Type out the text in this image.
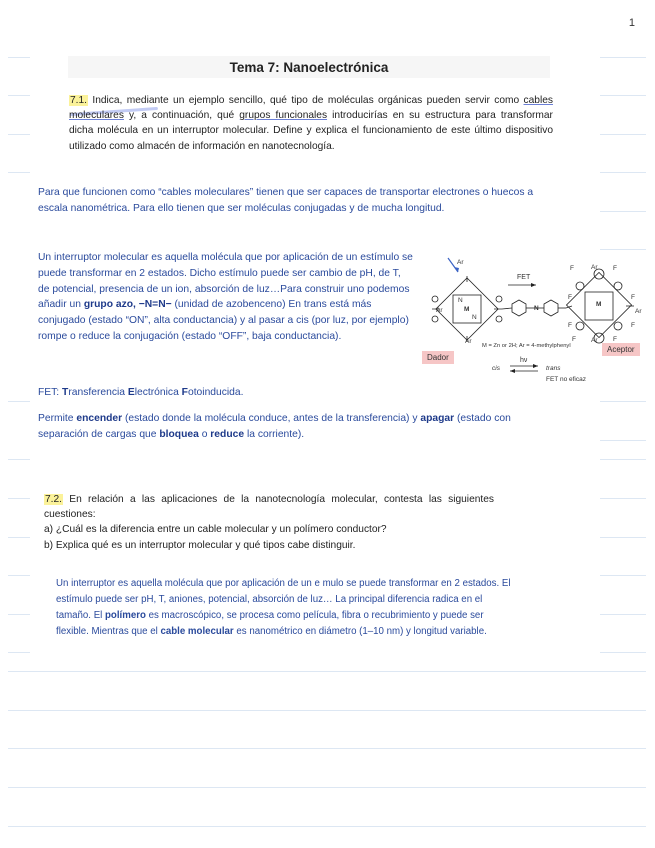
1
Tema 7: Nanoelectrónica
7.1. Indica, mediante un ejemplo sencillo, qué tipo de moléculas orgánicas pueden servir como cables moleculares y, a continuación, qué grupos funcionales introducirías en su estructura para transformar dicha molécula en un interruptor molecular. Define y explica el funcionamiento de este último dispositivo utilizado como almacén de información en nanotecnología.
Para que funcionen como “cables moleculares” tienen que ser capaces de transportar electrones o huecos a escala nanométrica. Para ello tienen que ser moléculas conjugadas y de mucha longitud.
Un interruptor molecular es aquella molécula que por aplicación de un estímulo se puede transformar en 2 estados. Dicho estímulo puede ser cambio de pH, de T, de potencial, presencia de un ion, absorción de luz…Para construir uno podemos añadir un grupo azo, −N=N− (unidad de azobenceno) En trans está más conjugado (estado “ON”, alta conductancia) y al pasar a cis (por luz, por ejemplo) rompe o reduce la conjugación (estado “OFF”, baja conductancia).
Ar
Ar
Ar
M
N
N
N
FET
F	Ar F
F	F
M
Ar
F	F
F Ar F
M = Zn or 2H; Ar = 4-methylphenyl
Dador
Aceptor
hν
cis	trans
FET no eficaz
FET: Transferencia Electrónica Fotoinducida.
Permite encender (estado donde la molécula conduce, antes de la transferencia) y apagar (estado con separación de cargas que bloquea o reduce la corriente).
7.2. En relación a las aplicaciones de la nanotecnología molecular, contesta las siguientes cuestiones:
a) ¿Cuál es la diferencia entre un cable molecular y un polímero conductor?
b) Explica qué es un interruptor molecular y qué tipos cabe distinguir.
Un interruptor es aquella molécula que por aplicación de un e mulo se puede transformar en 2 estados. El estímulo puede ser pH, T, aniones, potencial, absorción de luz… La principal diferencia radica en el tamaño. El polímero es macroscópico, se procesa como película, fibra o recubrimiento y puede ser flexible. Mientras que el cable molecular es nanométrico en diámetro (1–10 nm) y longitud variable.
